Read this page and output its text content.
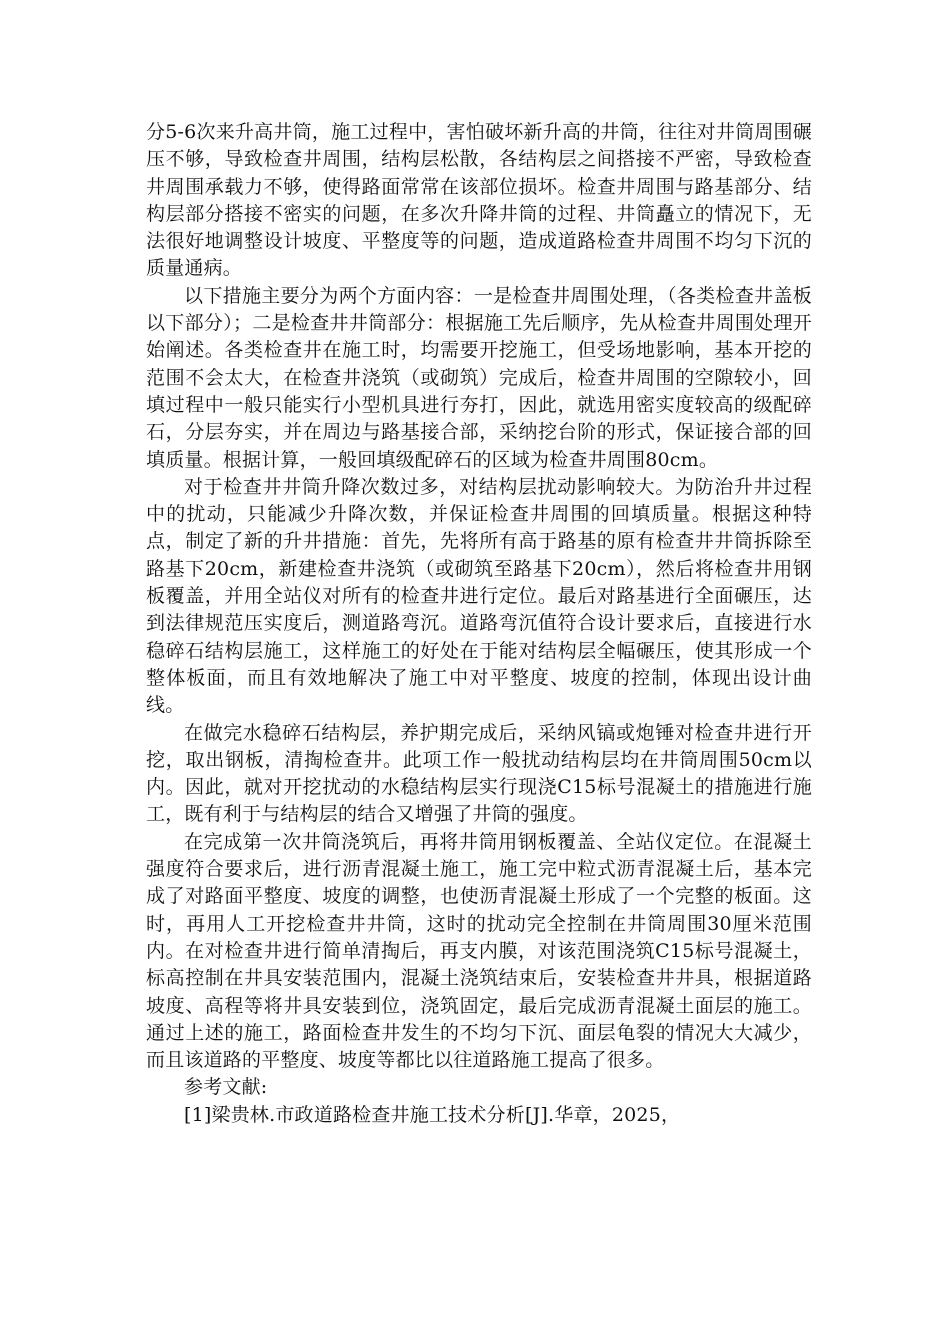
分5-6次来升高井筒，施工过程中，害怕破坏新升高的井筒，往往对井筒周围碾压不够，导致检查井周围，结构层松散，各结构层之间搭接不严密，导致检查井周围承载力不够，使得路面常常在该部位损坏。检查井周围与路基部分、结构层部分搭接不密实的问题，在多次升降井筒的过程、井筒矗立的情况下，无法很好地调整设计坡度、平整度等的问题，造成道路检查井周围不均匀下沉的质量通病。

以下措施主要分为两个方面内容：一是检查井周围处理，（各类检查井盖板以下部分）；二是检查井井筒部分：根据施工先后顺序，先从检查井周围处理开始阐述。各类检查井在施工时，均需要开挖施工，但受场地影响，基本开挖的范围不会太大，在检查井浇筑（或砌筑）完成后，检查井周围的空隙较小，回填过程中一般只能实行小型机具进行夯打，因此，就选用密实度较高的级配碎石，分层夯实，并在周边与路基接合部，采纳挖台阶的形式，保证接合部的回填质量。根据计算，一般回填级配碎石的区域为检查井周围80cm。

对于检查井井筒升降次数过多，对结构层扰动影响较大。为防治升井过程中的扰动，只能减少升降次数，并保证检查井周围的回填质量。根据这种特点，制定了新的升井措施：首先，先将所有高于路基的原有检查井井筒拆除至路基下20cm，新建检查井浇筑（或砌筑至路基下20cm），然后将检查井用钢板覆盖，并用全站仪对所有的检查井进行定位。最后对路基进行全面碾压，达到法律规范压实度后，测道路弯沉。道路弯沉值符合设计要求后，直接进行水稳碎石结构层施工，这样施工的好处在于能对结构层全幅碾压，使其形成一个整体板面，而且有效地解决了施工中对平整度、坡度的控制，体现出设计曲线。

在做完水稳碎石结构层，养护期完成后，采纳风镐或炮锤对检查井进行开挖，取出钢板，清掏检查井。此项工作一般扰动结构层均在井筒周围50cm以内。因此，就对开挖扰动的水稳结构层实行现浇C15标号混凝土的措施进行施工，既有利于与结构层的结合又增强了井筒的强度。

在完成第一次井筒浇筑后，再将井筒用钢板覆盖、全站仪定位。在混凝土强度符合要求后，进行沥青混凝土施工，施工完中粒式沥青混凝土后，基本完成了对路面平整度、坡度的调整，也使沥青混凝土形成了一个完整的板面。这时，再用人工开挖检查井井筒，这时的扰动完全控制在井筒周围30厘米范围内。在对检查井进行简单清掏后，再支内膜，对该范围浇筑C15标号混凝土，标高控制在井具安装范围内，混凝土浇筑结束后，安装检查井井具，根据道路坡度、高程等将井具安装到位，浇筑固定，最后完成沥青混凝土面层的施工。通过上述的施工，路面检查井发生的不均匀下沉、面层龟裂的情况大大减少，而且该道路的平整度、坡度等都比以往道路施工提高了很多。

参考文献:

[1]梁贵林.市政道路检查井施工技术分析[J].华章，2025，
